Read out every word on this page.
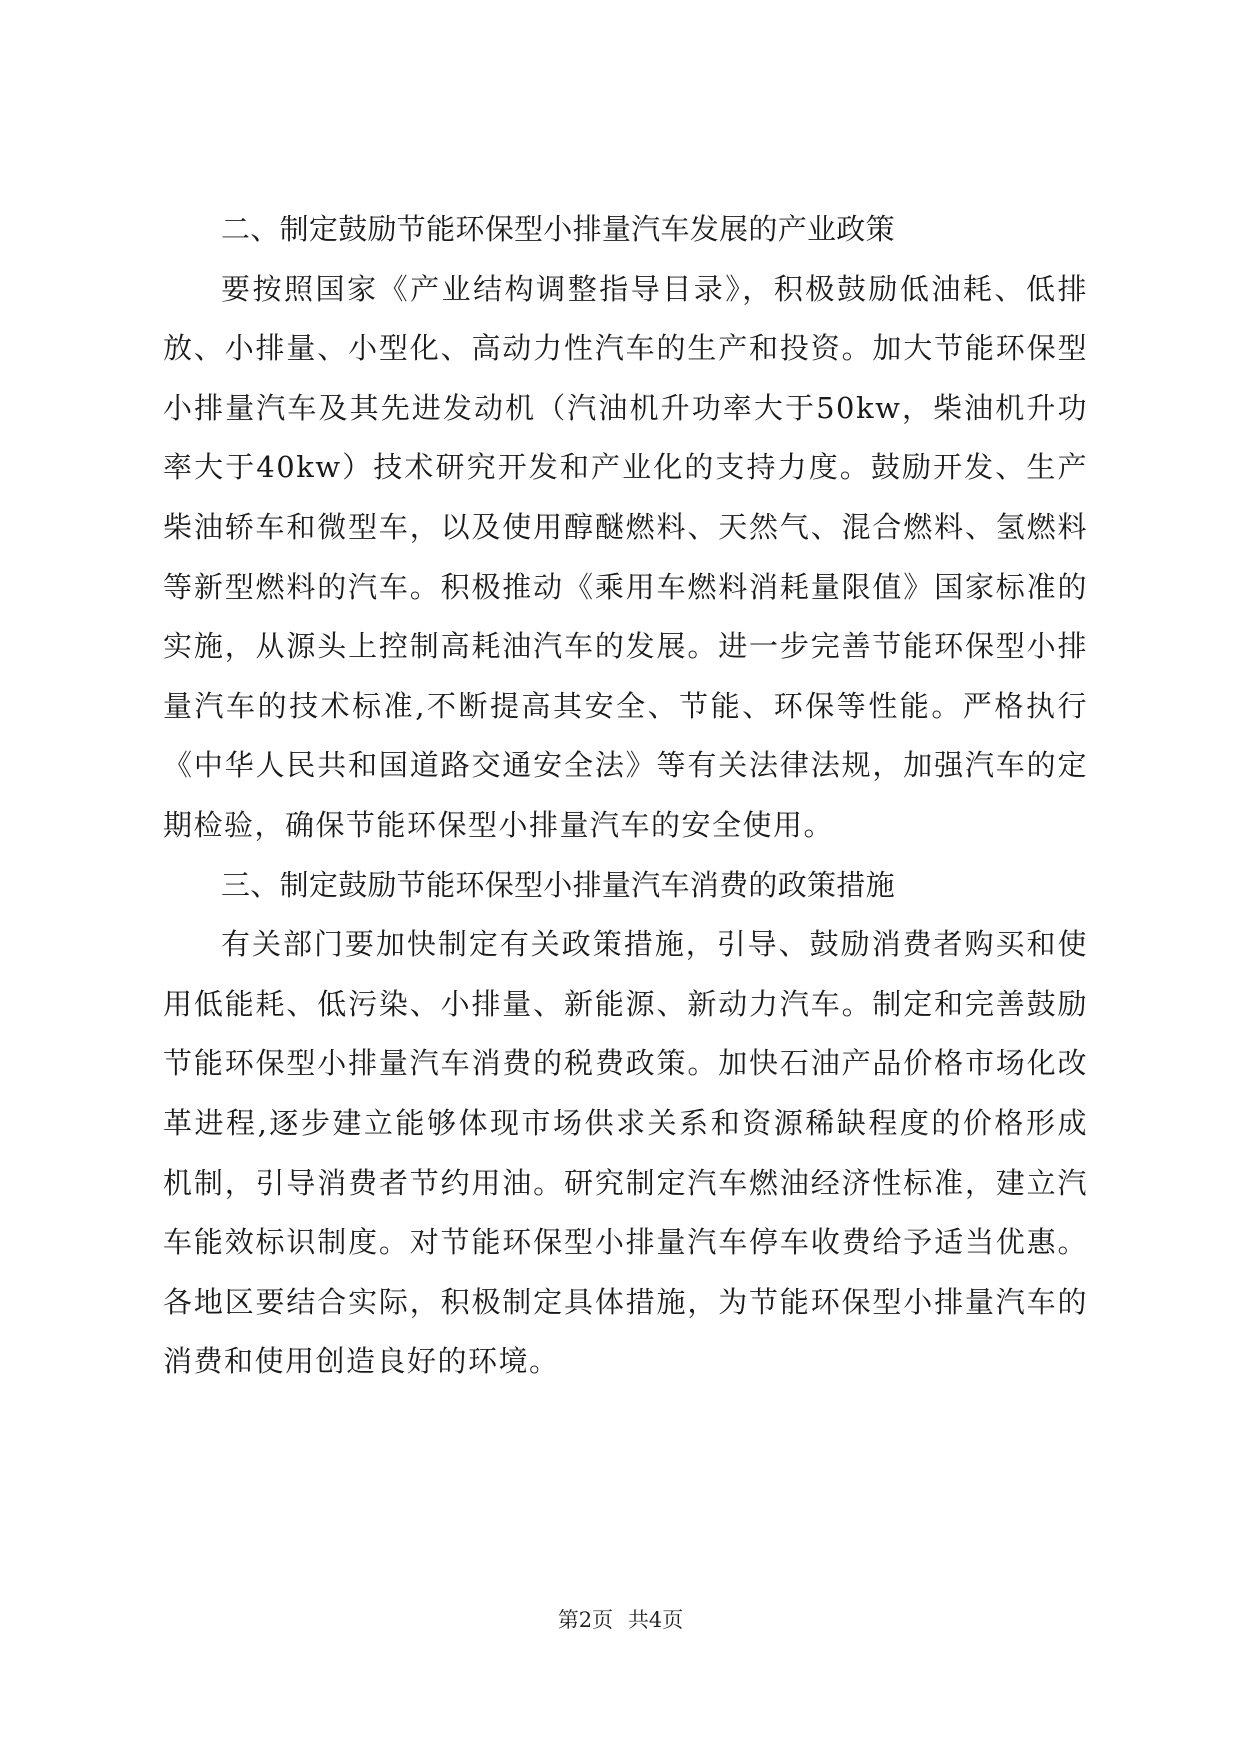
二、制定鼓励节能环保型小排量汽车发展的产业政策

要按照国家《产业结构调整指导目录》，积极鼓励低油耗、低排放、小排量、小型化、高动力性汽车的生产和投资。加大节能环保型小排量汽车及其先进发动机（汽油机升功率大于50kw，柴油机升功率大于40kw）技术研究开发和产业化的支持力度。鼓励开发、生产柴油轿车和微型车，以及使用醇醚燃料、天然气、混合燃料、氢燃料等新型燃料的汽车。积极推动《乘用车燃料消耗量限值》国家标准的实施，从源头上控制高耗油汽车的发展。进一步完善节能环保型小排量汽车的技术标准,不断提高其安全、节能、环保等性能。严格执行《中华人民共和国道路交通安全法》等有关法律法规，加强汽车的定期检验，确保节能环保型小排量汽车的安全使用。

三、制定鼓励节能环保型小排量汽车消费的政策措施

有关部门要加快制定有关政策措施，引导、鼓励消费者购买和使用低能耗、低污染、小排量、新能源、新动力汽车。制定和完善鼓励节能环保型小排量汽车消费的税费政策。加快石油产品价格市场化改革进程,逐步建立能够体现市场供求关系和资源稀缺程度的价格形成机制，引导消费者节约用油。研究制定汽车燃油经济性标准，建立汽车能效标识制度。对节能环保型小排量汽车停车收费给予适当优惠。各地区要结合实际，积极制定具体措施，为节能环保型小排量汽车的消费和使用创造良好的环境。

第2页 共4页
